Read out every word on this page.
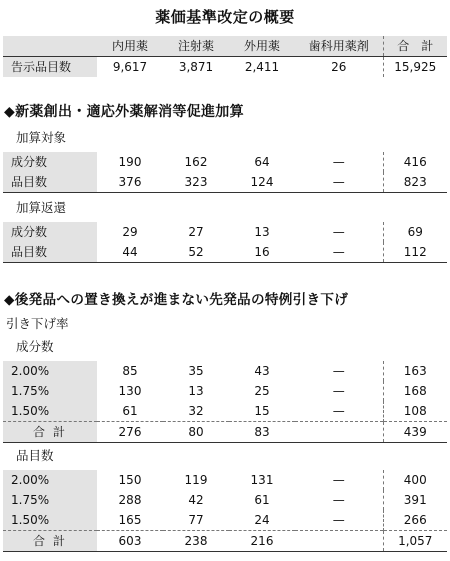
薬価基準改定の概要
	内用薬	注射薬	外用薬	歯科用薬剤	合　計
告示品目数	9,617	3,871	2,411	26	15,925
◆新薬創出・適応外薬解消等促進加算
加算対象
成分数	190	162	64	—	416
品目数	376	323	124	—	823
加算返還
成分数	29	27	13	—	69
品目数	44	52	16	—	112
◆後発品への置き換えが進まない先発品の特例引き下げ
引き下げ率
成分数
2.00%	85	35	43	—	163
1.75%	130	13	25	—	168
1.50%	61	32	15	—	108
合計	276	80	83		439
品目数
2.00%	150	119	131	—	400
1.75%	288	42	61	—	391
1.50%	165	77	24	—	266
合計	603	238	216		1,057
